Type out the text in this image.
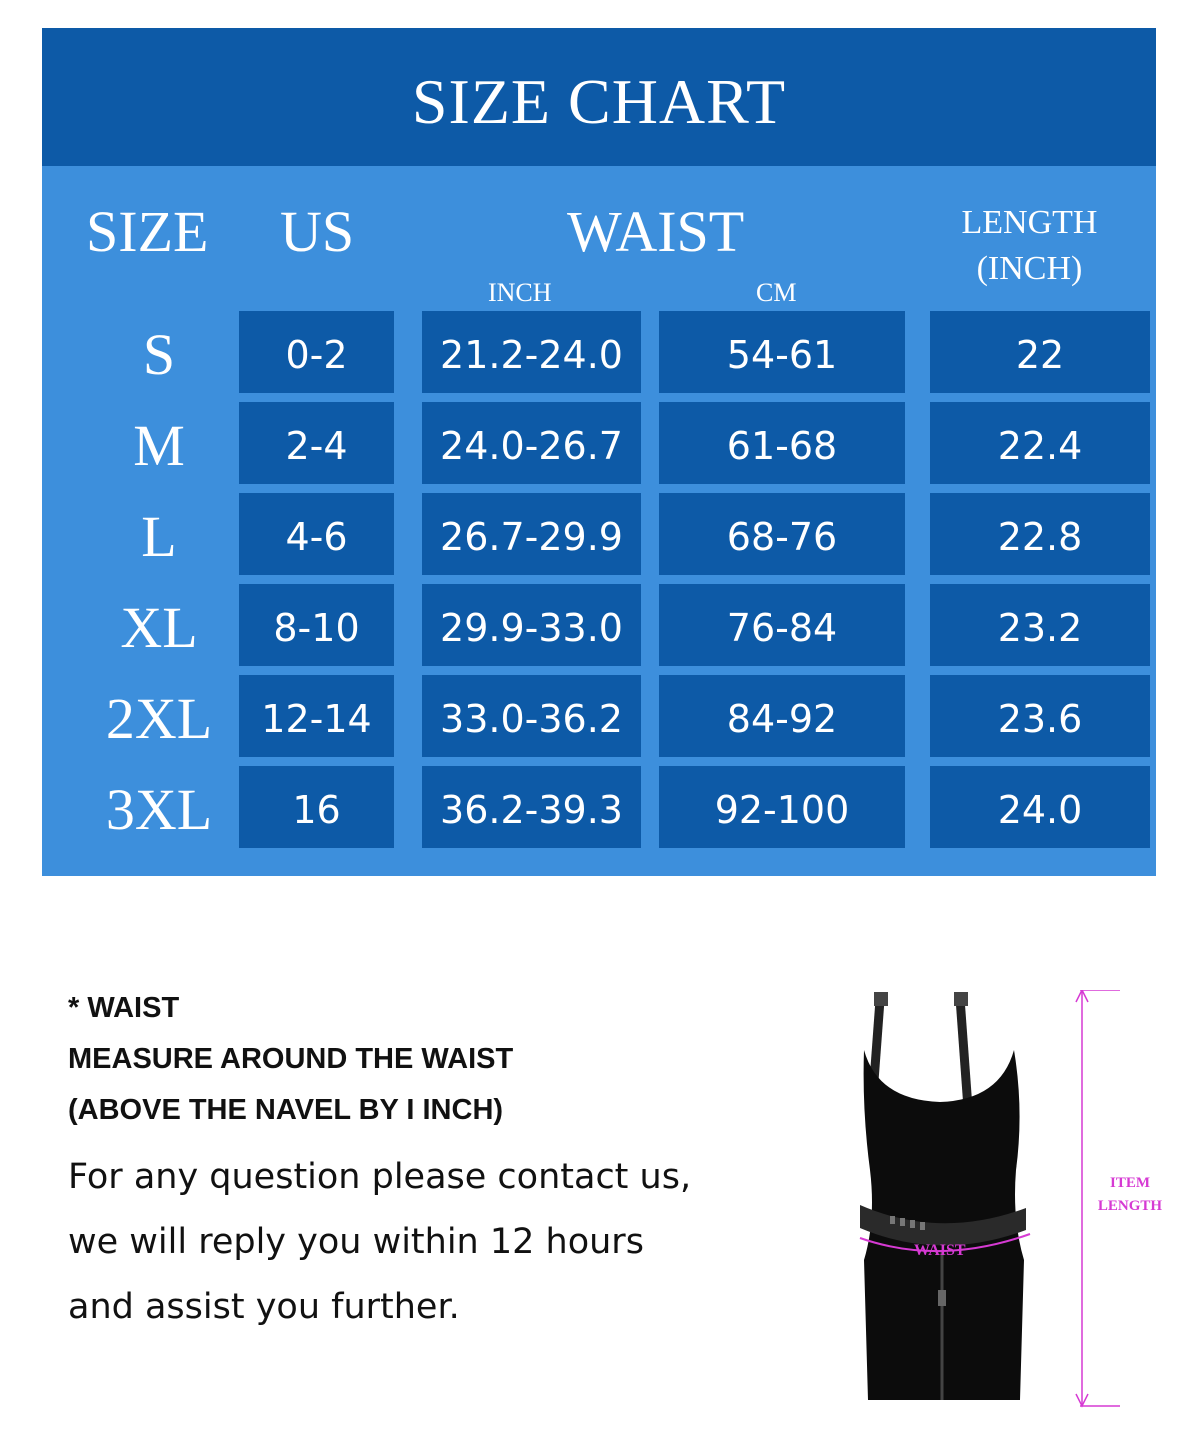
SIZE CHART
SIZE US	WAIST	LENGTH
(INCH)
INCH	CM
S	0-2	21.2-24.0	54-61	22
M	2-4	24.0-26.7	61-68	22.4
L	4-6	26.7-29.9	68-76	22.8
XL	8-10	29.9-33.0	76-84	23.2
2XL	12-14	33.0-36.2	84-92	23.6
3XL	16	36.2-39.3	92-100	24.0
* WAIST
MEASURE AROUND THE WAIST
(ABOVE THE NAVEL BY I INCH)
For any question please contact us,
we will reply you within 12 hours
and assist you further.
WAIST
ITEM
LENGTH
